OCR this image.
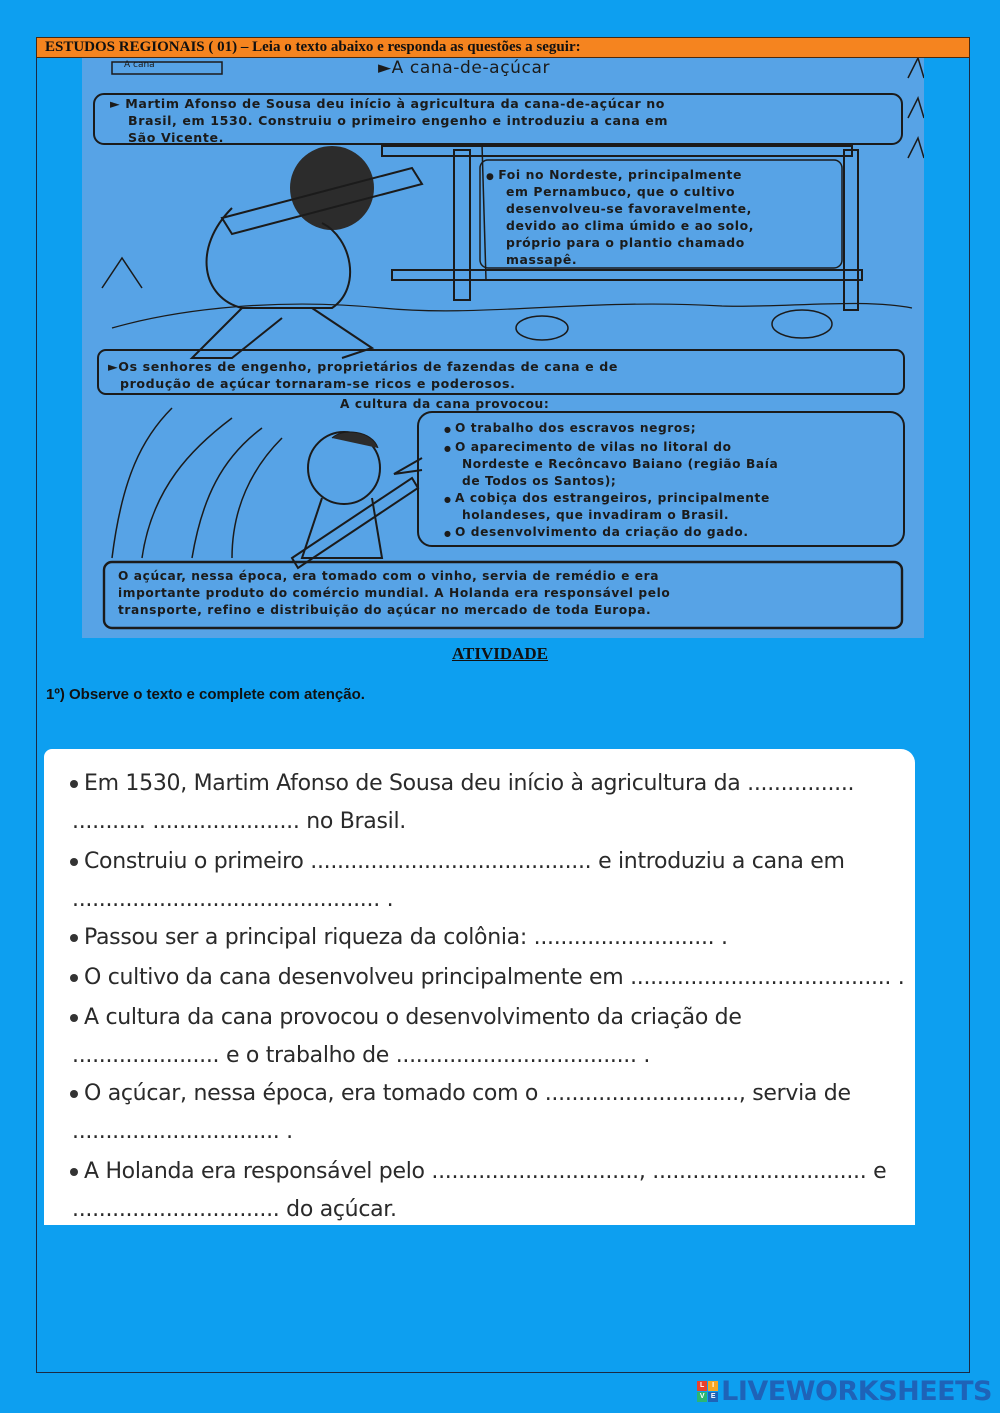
ESTUDOS REGIONAIS ( 01) – Leia o texto abaixo e responda as questões a seguir:
A cana	►A cana-de-açúcar
► Martim Afonso de Sousa deu início à agricultura da cana-de-açúcar no
Brasil, em 1530. Construiu o primeiro engenho e introduziu a cana em
São Vicente.
● Foi no Nordeste, principalmente
em Pernambuco, que o cultivo
desenvolveu-se favoravelmente,
devido ao clima úmido e ao solo,
próprio para o plantio chamado
massapê.
►Os senhores de engenho, proprietários de fazendas de cana e de
produção de açúcar tornaram-se ricos e poderosos.
A cultura da cana provocou:
● O trabalho dos escravos negros;
● O aparecimento de vilas no litoral do
Nordeste e Recôncavo Baiano (região Baía
de Todos os Santos);
● A cobiça dos estrangeiros, principalmente
holandeses, que invadiram o Brasil.
● O desenvolvimento da criação do gado.
O açúcar, nessa época, era tomado com o vinho, servia de remédio e era
importante produto do comércio mundial. A Holanda era responsável pelo
transporte, refino e distribuição do açúcar no mercado de toda Europa.
ATIVIDADE
1º) Observe o texto e complete com atenção.
Em 1530, Martim Afonso de Sousa deu início à agricultura da ................
........... ...................... no Brasil.
Construiu o primeiro .......................................... e introduziu a cana em
.............................................. .
Passou ser a principal riqueza da colônia: ........................... .
O cultivo da cana desenvolveu principalmente em ....................................... .
A cultura da cana provocou o desenvolvimento da criação de
...................... e o trabalho de .................................... .
O açúcar, nessa época, era tomado com o ............................., servia de
............................... .
A Holanda era responsável pelo ..............................., ................................ e
............................... do açúcar.
L	I
V E LIVEWORKSHEETS
